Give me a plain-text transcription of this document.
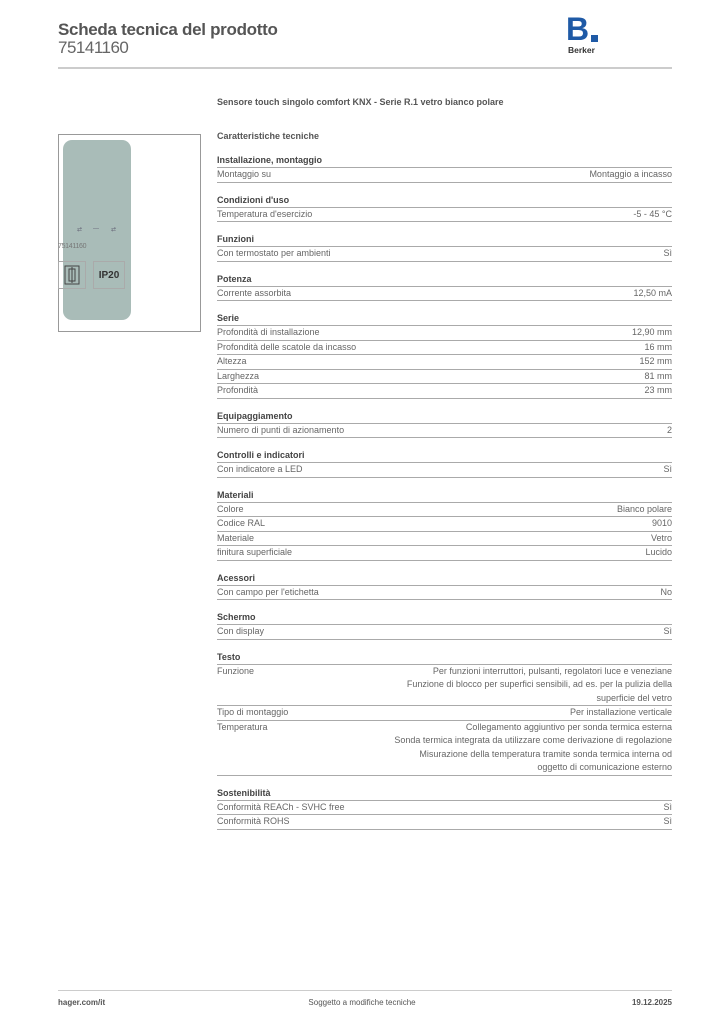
Scheda tecnica del prodotto
75141160
B
Berker
⇄ — ⇄
75141160
IP20
Sensore touch singolo comfort KNX - Serie R.1 vetro bianco polare
Caratteristiche tecniche
Installazione, montaggio
Montaggio su	Montaggio a incasso
Condizioni d'uso
Temperatura d'esercizio	-5 - 45 °C
Funzioni
Con termostato per ambienti	Sì
Potenza
Corrente assorbita	12,50 mA
Serie
Profondità di installazione	12,90 mm
Profondità delle scatole da incasso	16 mm
Altezza	152 mm
Larghezza	81 mm
Profondità	23 mm
Equipaggiamento
Numero di punti di azionamento	2
Controlli e indicatori
Con indicatore a LED	Sì
Materiali
Colore	Bianco polare
Codice RAL	9010
Materiale	Vetro
finitura superficiale	Lucido
Acessori
Con campo per l'etichetta	No
Schermo
Con display	Sì
Testo
Funzione	Per funzioni interruttori, pulsanti, regolatori luce e veneziane
Funzione di blocco per superfici sensibili, ad es. per la pulizia della
superficie del vetro
Tipo di montaggio	Per installazione verticale
Temperatura	Collegamento aggiuntivo per sonda termica esterna
Sonda termica integrata da utilizzare come derivazione di regolazione
Misurazione della temperatura tramite sonda termica interna od
oggetto di comunicazione esterno
Sostenibilità
Conformità REACh - SVHC free	Sì
Conformità ROHS	Sì
hager.com/it	Soggetto a modifiche tecniche	19.12.2025
